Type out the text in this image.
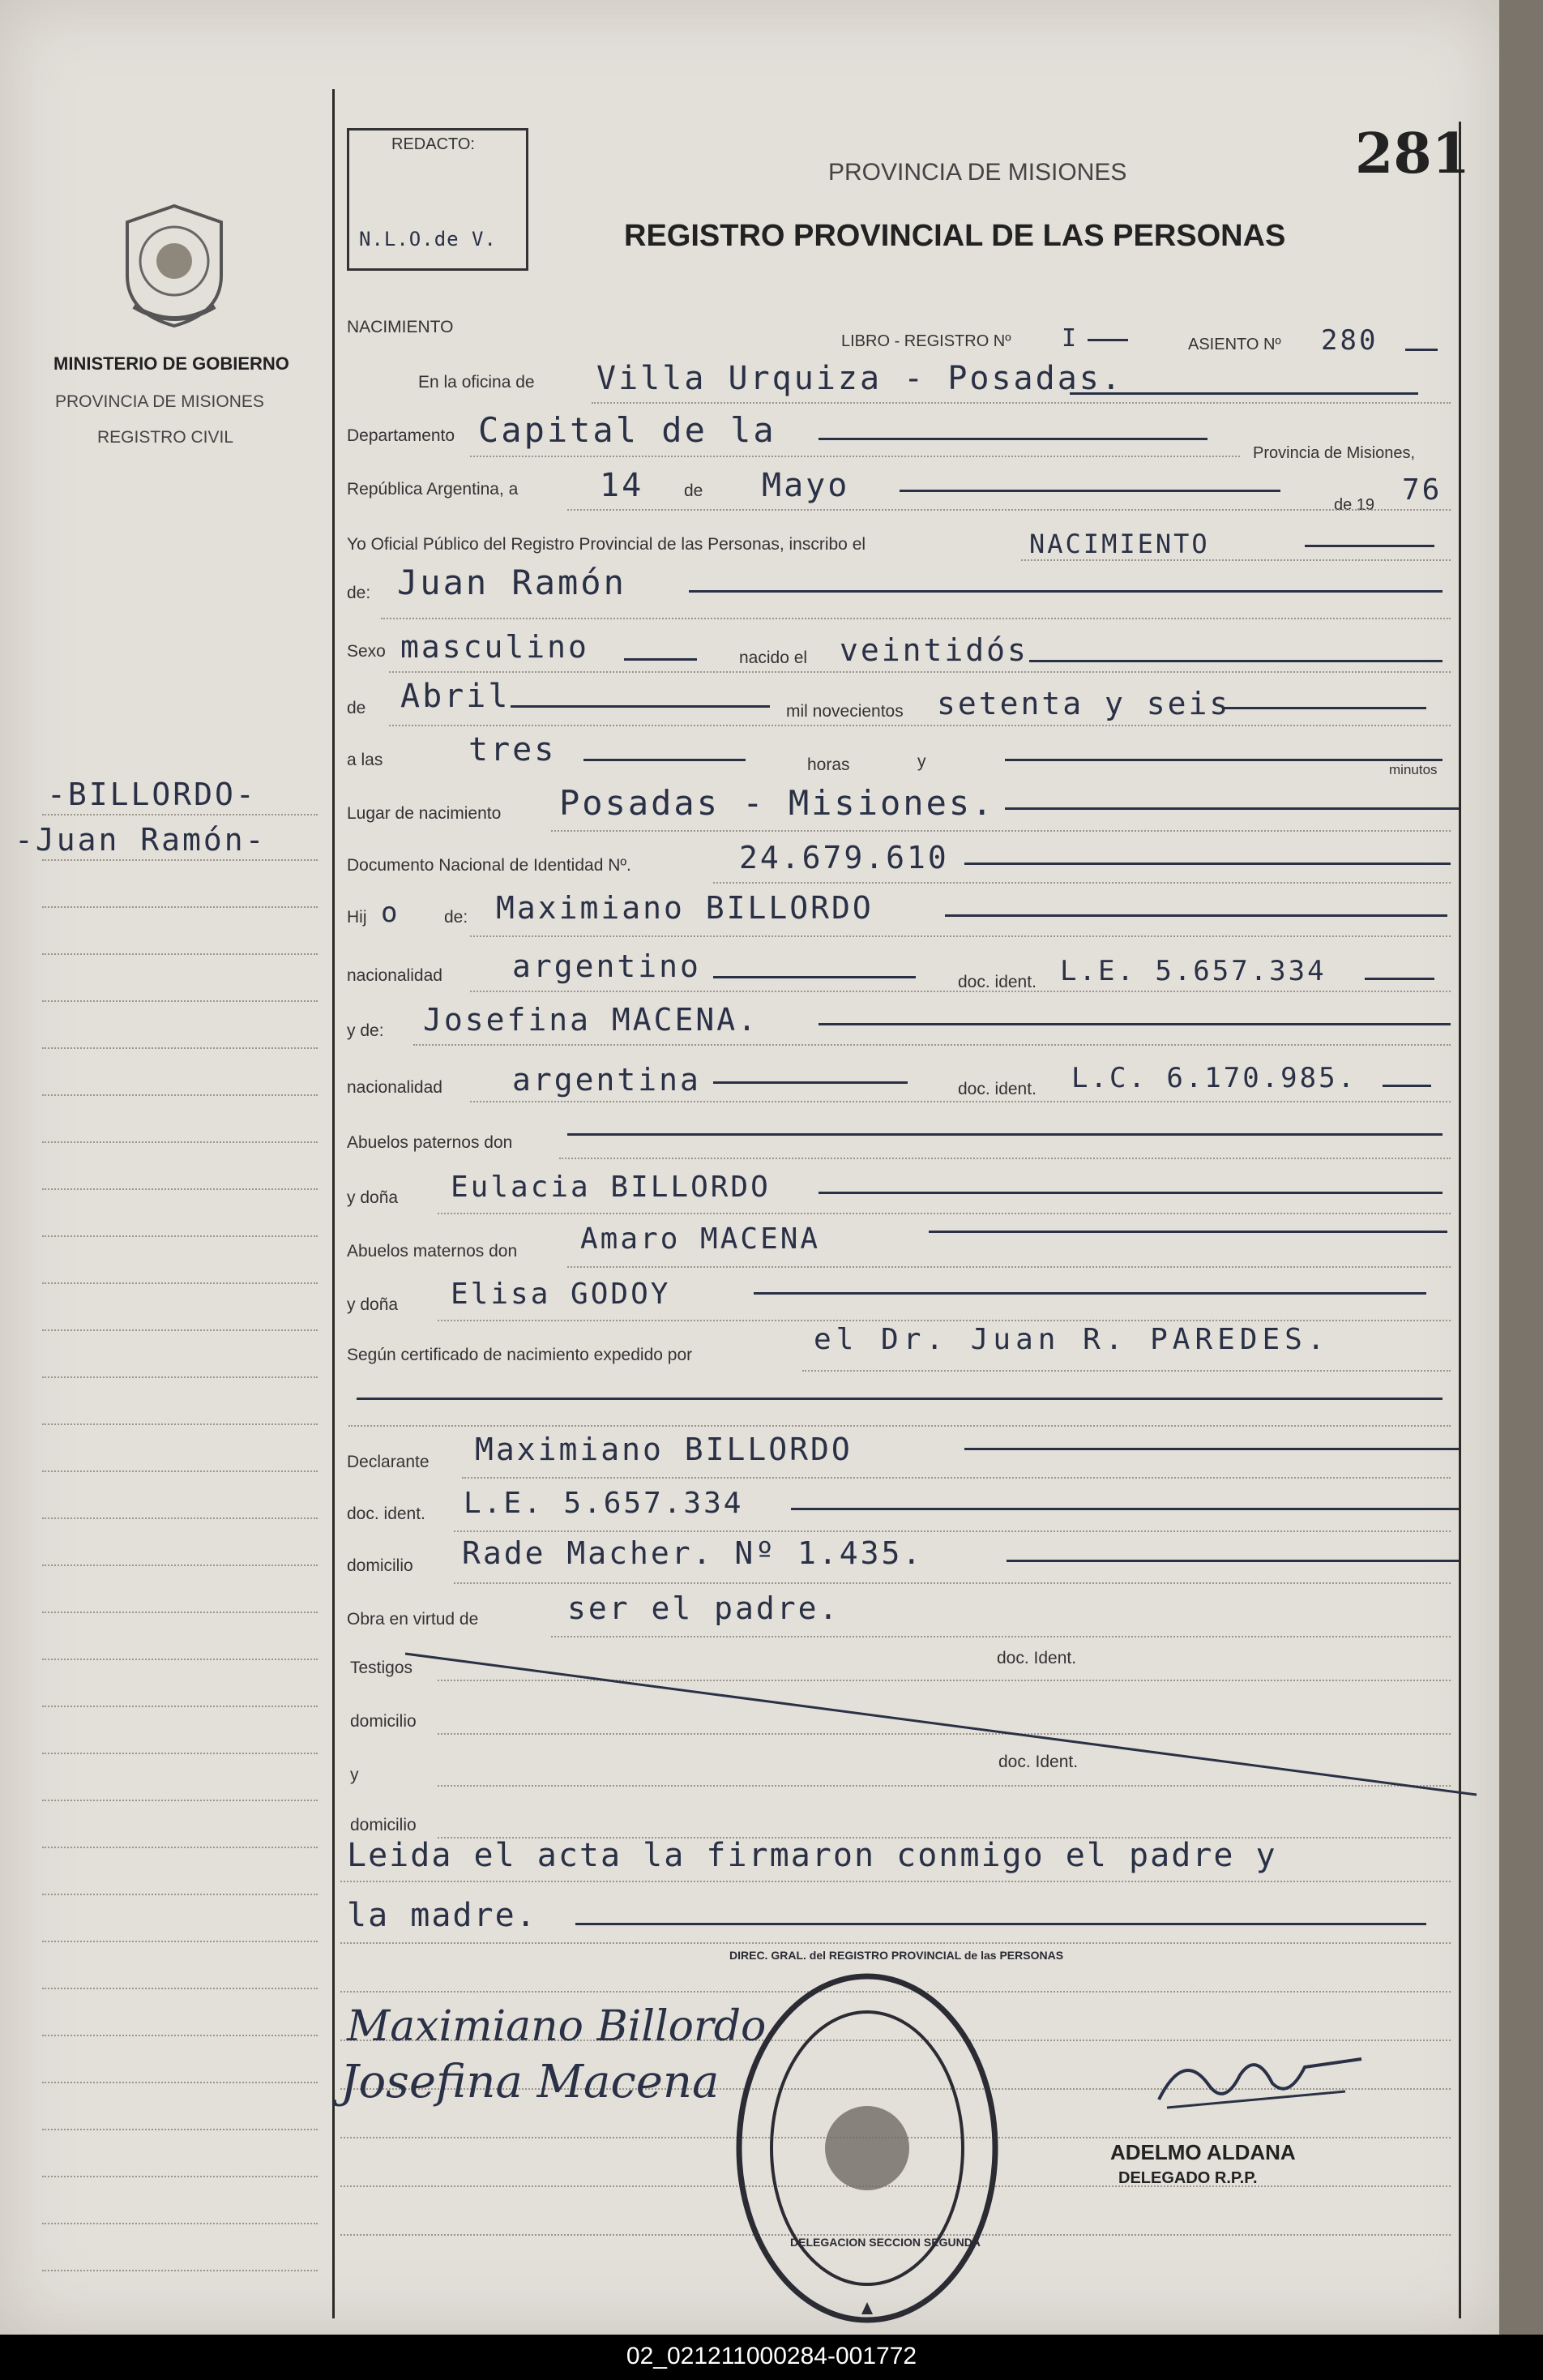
REDACTO:
N.L.O.de V.
281
PROVINCIA DE MISIONES
REGISTRO PROVINCIAL DE LAS PERSONAS
MINISTERIO DE GOBIERNO
PROVINCIA DE MISIONES
REGISTRO CIVIL
-BILLORDO-
-Juan Ramón-
NACIMIENTO
LIBRO - REGISTRO Nº I	ASIENTO Nº 280
En la oficina de Villa Urquiza - Posadas.
Departamento Capital de la
Provincia de Misiones,
República Argentina, a	14 de Mayo
de 19 76
Yo Oficial Público del Registro Provincial de las Personas, inscribo el	NACIMIENTO
de: Juan Ramón
Sexo masculino	nacido el veintidós
de Abril	mil novecientos setenta y seis
a las	tres	horas	y	minutos
Lugar de nacimiento Posadas - Misiones.
Documento Nacional de Identidad Nº.	24.679.610
Hij o	de: Maximiano BILLORDO
nacionalidad argentino	doc. ident. L.E. 5.657.334
y de: Josefina MACENA.
nacionalidad argentina	doc. ident. L.C. 6.170.985.
Abuelos paternos don
y doña Eulacia BILLORDO
Abuelos maternos don Amaro MACENA
y doña Elisa GODOY
Según certificado de nacimiento expedido por	el Dr. Juan R. PAREDES.
Declarante Maximiano BILLORDO
doc. ident. L.E. 5.657.334
domicilio Rade Macher. Nº 1.435.
Obra en virtud de	ser el padre.
Testigos
doc. Ident.
domicilio
y
doc. Ident.
domicilio
Leida el acta la firmaron conmigo el padre y
la madre.
Maximiano Billordo
Josefina Macena
DIREC. GRAL. del REGISTRO PROVINCIAL de las PERSONAS
DELEGACION SECCION SEGUNDA
ADELMO ALDANA
DELEGADO R.P.P.
02_021211000284-001772
